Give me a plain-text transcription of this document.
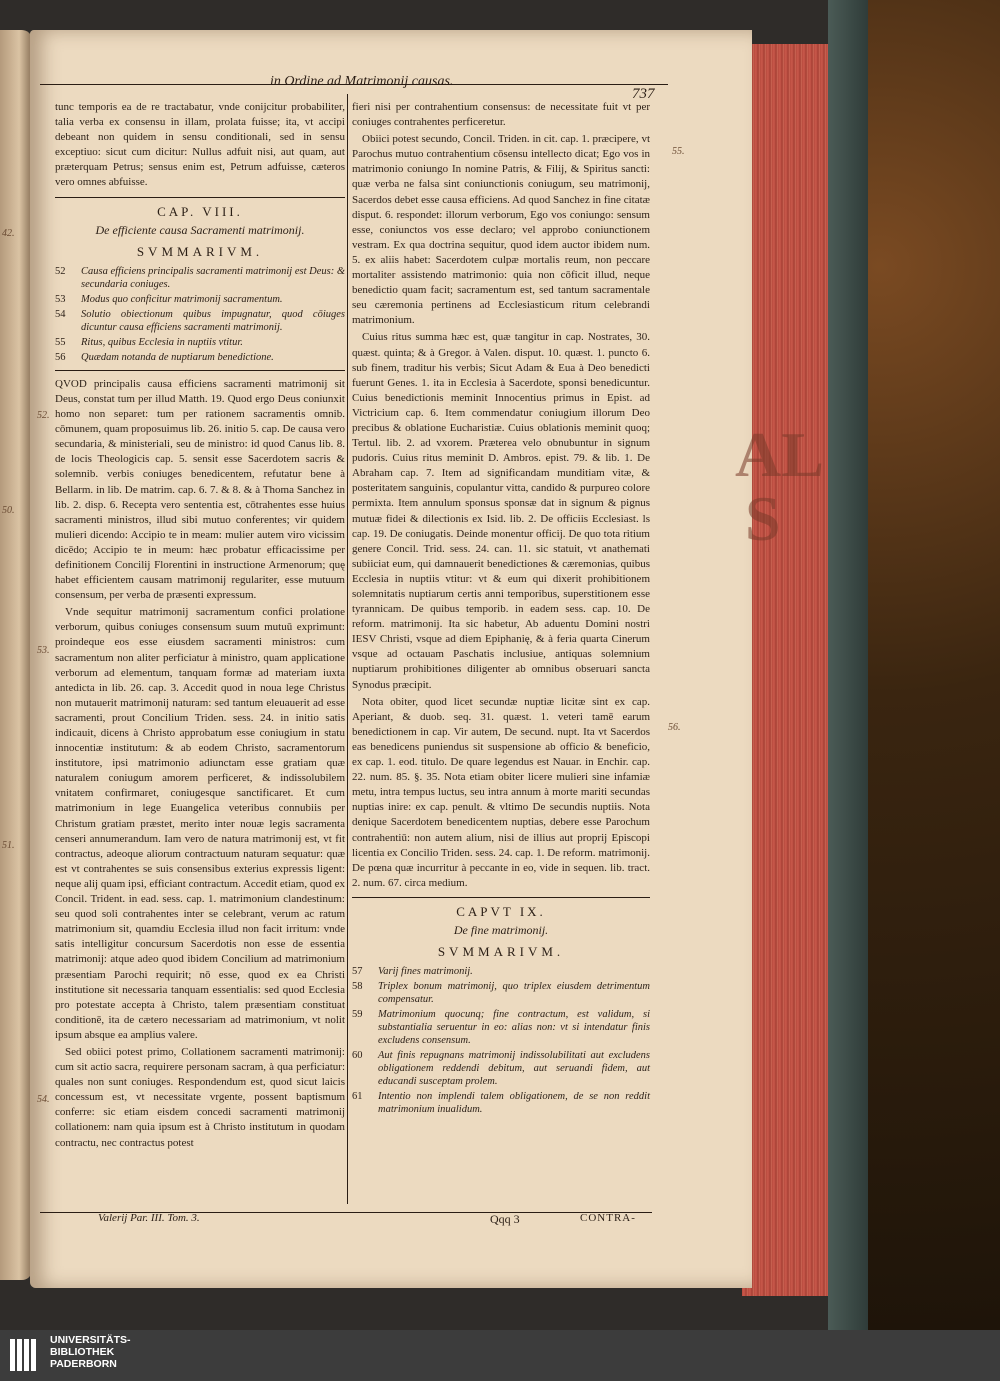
42.
50.
51.
AL
S
in Ordine ad Matrimonij causas.
737

tunc temporis ea de re tractabatur, vnde conijcitur probabiliter, talia verba ex consensu in illam, prolata fuisse; ita, vt accipi debeant non quidem in sensu conditionali, sed in sensu exceptiuo: sicut cum dicitur: Nullus adfuit nisi, aut quam, aut præterquam Petrus; sensus enim est, Petrum adfuisse, cæteros vero omnes abfuisse.

CAP. VIII.
De efficiente causa Sacramenti matrimonij.
SVMMARIVM.
52	Causa efficiens principalis sacramenti matrimonij est Deus: & secundaria coniuges.
53	Modus quo conficitur matrimonij sacramentum.
54	Solutio obiectionum quibus impugnatur, quod cōiuges dicuntur causa efficiens sacramenti matrimonij.
55	Ritus, quibus Ecclesia in nuptiis vtitur.
56	Quædam notanda de nuptiarum benedictione.

QVOD principalis causa efficiens sacramenti matrimonij sit Deus, constat tum per illud Matth. 19. Quod ergo Deus coniunxit homo non separet: tum per rationem sacramentis omnib. cōmunem, quam proposuimus lib. 26. initio 5. cap. De causa vero secundaria, & ministeriali, seu de ministro: id quod Canus lib. 8. de locis Theologicis cap. 5. sensit esse Sacerdotem sacris & solemnib. verbis coniuges benedicentem, refutatur bene à Bellarm. in lib. De matrim. cap. 6. 7. & 8. & à Thoma Sanchez in lib. 2. disp. 6. Recepta vero sententia est, cōtrahentes esse huius sacramenti ministros, illud sibi mutuo conferentes; vir quidem mulieri dicendo: Accipio te in meam: mulier autem viro vicissim dicēdo; Accipio te in meum: hæc probatur efficacissime per definitionem Concilij Florentini in instructione Armenorum; quę habet efficientem causam matrimonij regulariter, esse mutuum consensum, per verba de præsenti expressum.

Vnde sequitur matrimonij sacramentum confici prolatione verborum, quibus coniuges consensum suum mutuū exprimunt: proindeque eos esse eiusdem sacramenti ministros: cum sacramentum non aliter perficiatur à ministro, quam applicatione verborum ad elementum, tanquam formæ ad materiam iuxta antedicta in lib. 26. cap. 3. Accedit quod in noua lege Christus non mutauerit matrimonij naturam: sed tantum eleuauerit ad esse sacramenti, prout Concilium Triden. sess. 24. in initio satis indicauit, dicens à Christo approbatum esse coniugium in statu innocentiæ institutum: & ab eodem Christo, sacramentorum institutore, ipsi matrimonio adiunctam esse gratiam quæ naturalem coniugum amorem perficeret, & indissolubilem vnitatem confirmaret, coniugesque sanctificaret. Et cum matrimonium in lege Euangelica veteribus connubiis per Christum gratiam præstet, merito inter nouæ legis sacramenta censeri annumerandum. Iam vero de natura matrimonij est, vt fit contractus, adeoque aliorum contractuum naturam sequatur: quæ est vt contrahentes se suis consensibus exterius expressis ligent: neque alij quam ipsi, efficiant contractum. Accedit etiam, quod ex Concil. Trident. in ead. sess. cap. 1. matrimonium clandestinum: seu quod soli contrahentes inter se celebrant, verum ac ratum matrimonium sit, quamdiu Ecclesia illud non facit irritum: vnde satis intelligitur concursum Sacerdotis non esse de essentia matrimonij: atque adeo quod ibidem Concilium ad matrimonium præsentiam Parochi requirit; nō esse, quod ex ea Christi institutione sit necessaria tanquam essentialis: sed quod Ecclesia pro potestate accepta à Christo, talem præsentiam constituat conditionē, ita de cætero necessariam ad matrimonium, vt nolit ipsum absque ea amplius valere.

Sed obiici potest primo, Collationem sacramenti matrimonij: cum sit actio sacra, requirere personam sacram, à qua perficiatur: quales non sunt coniuges. Respondendum est, quod sicut laicis concessum est, vt necessitate vrgente, possent baptismum conferre: sic etiam eisdem concedi sacramenti matrimonij collationem: nam quia ipsum est à Christo institutum in quodam contractu, nec contractus potest

52.
53.
54.

fieri nisi per contrahentium consensus: de necessitate fuit vt per coniuges contrahentes perficeretur.

Obiici potest secundo, Concil. Triden. in cit. cap. 1. præcipere, vt Parochus mutuo contrahentium cōsensu intellecto dicat; Ego vos in matrimonio coniungo In nomine Patris, & Filij, & Spiritus sancti: quæ verba ne falsa sint coniunctionis coniugum, seu matrimonij, Sacerdos debet esse causa efficiens. Ad quod Sanchez in fine citatæ disput. 6. respondet: illorum verborum, Ego vos coniungo: sensum esse, coniunctos vos esse declaro; vel approbo coniunctionem vestram. Ex qua doctrina sequitur, quod idem auctor ibidem num. 5. ex aliis habet: Sacerdotem culpæ mortalis reum, non peccare mortaliter assistendo matrimonio: quia non cōficit illud, neque benedictio quam facit; sacramentum est, sed tantum sacramentale seu cæremonia pertinens ad Ecclesiasticum ritum celebrandi matrimonium.

Cuius ritus summa hæc est, quæ tangitur in cap. Nostrates, 30. quæst. quinta; & à Gregor. à Valen. disput. 10. quæst. 1. puncto 6. sub finem, traditur his verbis; Sicut Adam & Eua à Deo benedicti fuerunt Genes. 1. ita in Ecclesia à Sacerdote, sponsi benedicuntur. Cuius benedictionis meminit Innocentius primus in Epist. ad Victricium cap. 6. Item commendatur coniugium illorum Deo precibus & oblatione Eucharistiæ. Cuius oblationis meminit quoq; Tertul. lib. 2. ad vxorem. Præterea velo obnubuntur in signum pudoris. Cuius ritus meminit D. Ambros. epist. 79. & lib. 1. De Abraham cap. 7. Item ad significandam munditiam vitæ, & posteritatem sanguinis, copulantur vitta, candido & purpureo colore permixta. Item annulum sponsus sponsæ dat in signum & pignus mutuæ fidei & dilectionis ex Isid. lib. 2. De officiis Ecclesiast. ls cap. 19. De coniugatis. Deinde monentur officij. De quo tota ritium genere Concil. Trid. sess. 24. can. 11. sic statuit, vt anathemati subiiciat eum, qui damnauerit benedictiones & cæremonias, quibus Ecclesia in nuptiis vtitur: vt & eum qui dixerit prohibitionem solemnitatis nuptiarum certis anni temporibus, superstitionem esse tyrannicam. De quibus temporib. in eadem sess. cap. 10. De reform. matrimonij. Ita sic habetur, Ab aduentu Domini nostri IESV Christi, vsque ad diem Epiphanię, & à feria quarta Cinerum vsque ad octauam Paschatis inclusiue, antiquas solemnium nuptiarum prohibitiones diligenter ab omnibus obseruari sancta Synodus præcipit.

Nota obiter, quod licet secundæ nuptiæ licitæ sint ex cap. Aperiant, & duob. seq. 31. quæst. 1. veteri tamē earum benedictionem in cap. Vir autem, De secund. nupt. Ita vt Sacerdos eas benedicens puniendus sit suspensione ab officio & beneficio, ex cap. 1. eod. titulo. De quare legendus est Nauar. in Enchir. cap. 22. num. 85. §. 35. Nota etiam obiter licere mulieri sine infamiæ metu, intra tempus luctus, seu intra annum à morte mariti secundas nuptias inire: ex cap. penult. & vltimo De secundis nuptiis. Nota denique Sacerdotem benedicentem nuptias, debere esse Parochum contrahentiū: non autem alium, nisi de illius aut proprij Episcopi licentia ex Concilio Triden. sess. 24. cap. 1. De reform. matrimonij. De pœna quæ incurritur à peccante in eo, vide in sequen. lib. tract. 2. num. 67. circa medium.

CAPVT IX.
De fine matrimonij.
SVMMARIVM.
57	Varij fines matrimonij.
58	Triplex bonum matrimonij, quo triplex eiusdem detrimentum compensatur.
59	Matrimonium quocunq; fine contractum, est validum, si substantialia seruentur in eo: alias non: vt si intendatur finis excludens consensum.
60	Aut finis repugnans matrimonij indissolubilitati aut excludens obligationem reddendi debitum, aut seruandi fidem, aut educandi susceptam prolem.
61	Intentio non implendi talem obligationem, de se non reddit matrimonium inualidum.
55.
56.
Valerij Par. III. Tom. 3.	Qqq 3	CONTRA-
UNIVERSITÄTS-
BIBLIOTHEK
PADERBORN
